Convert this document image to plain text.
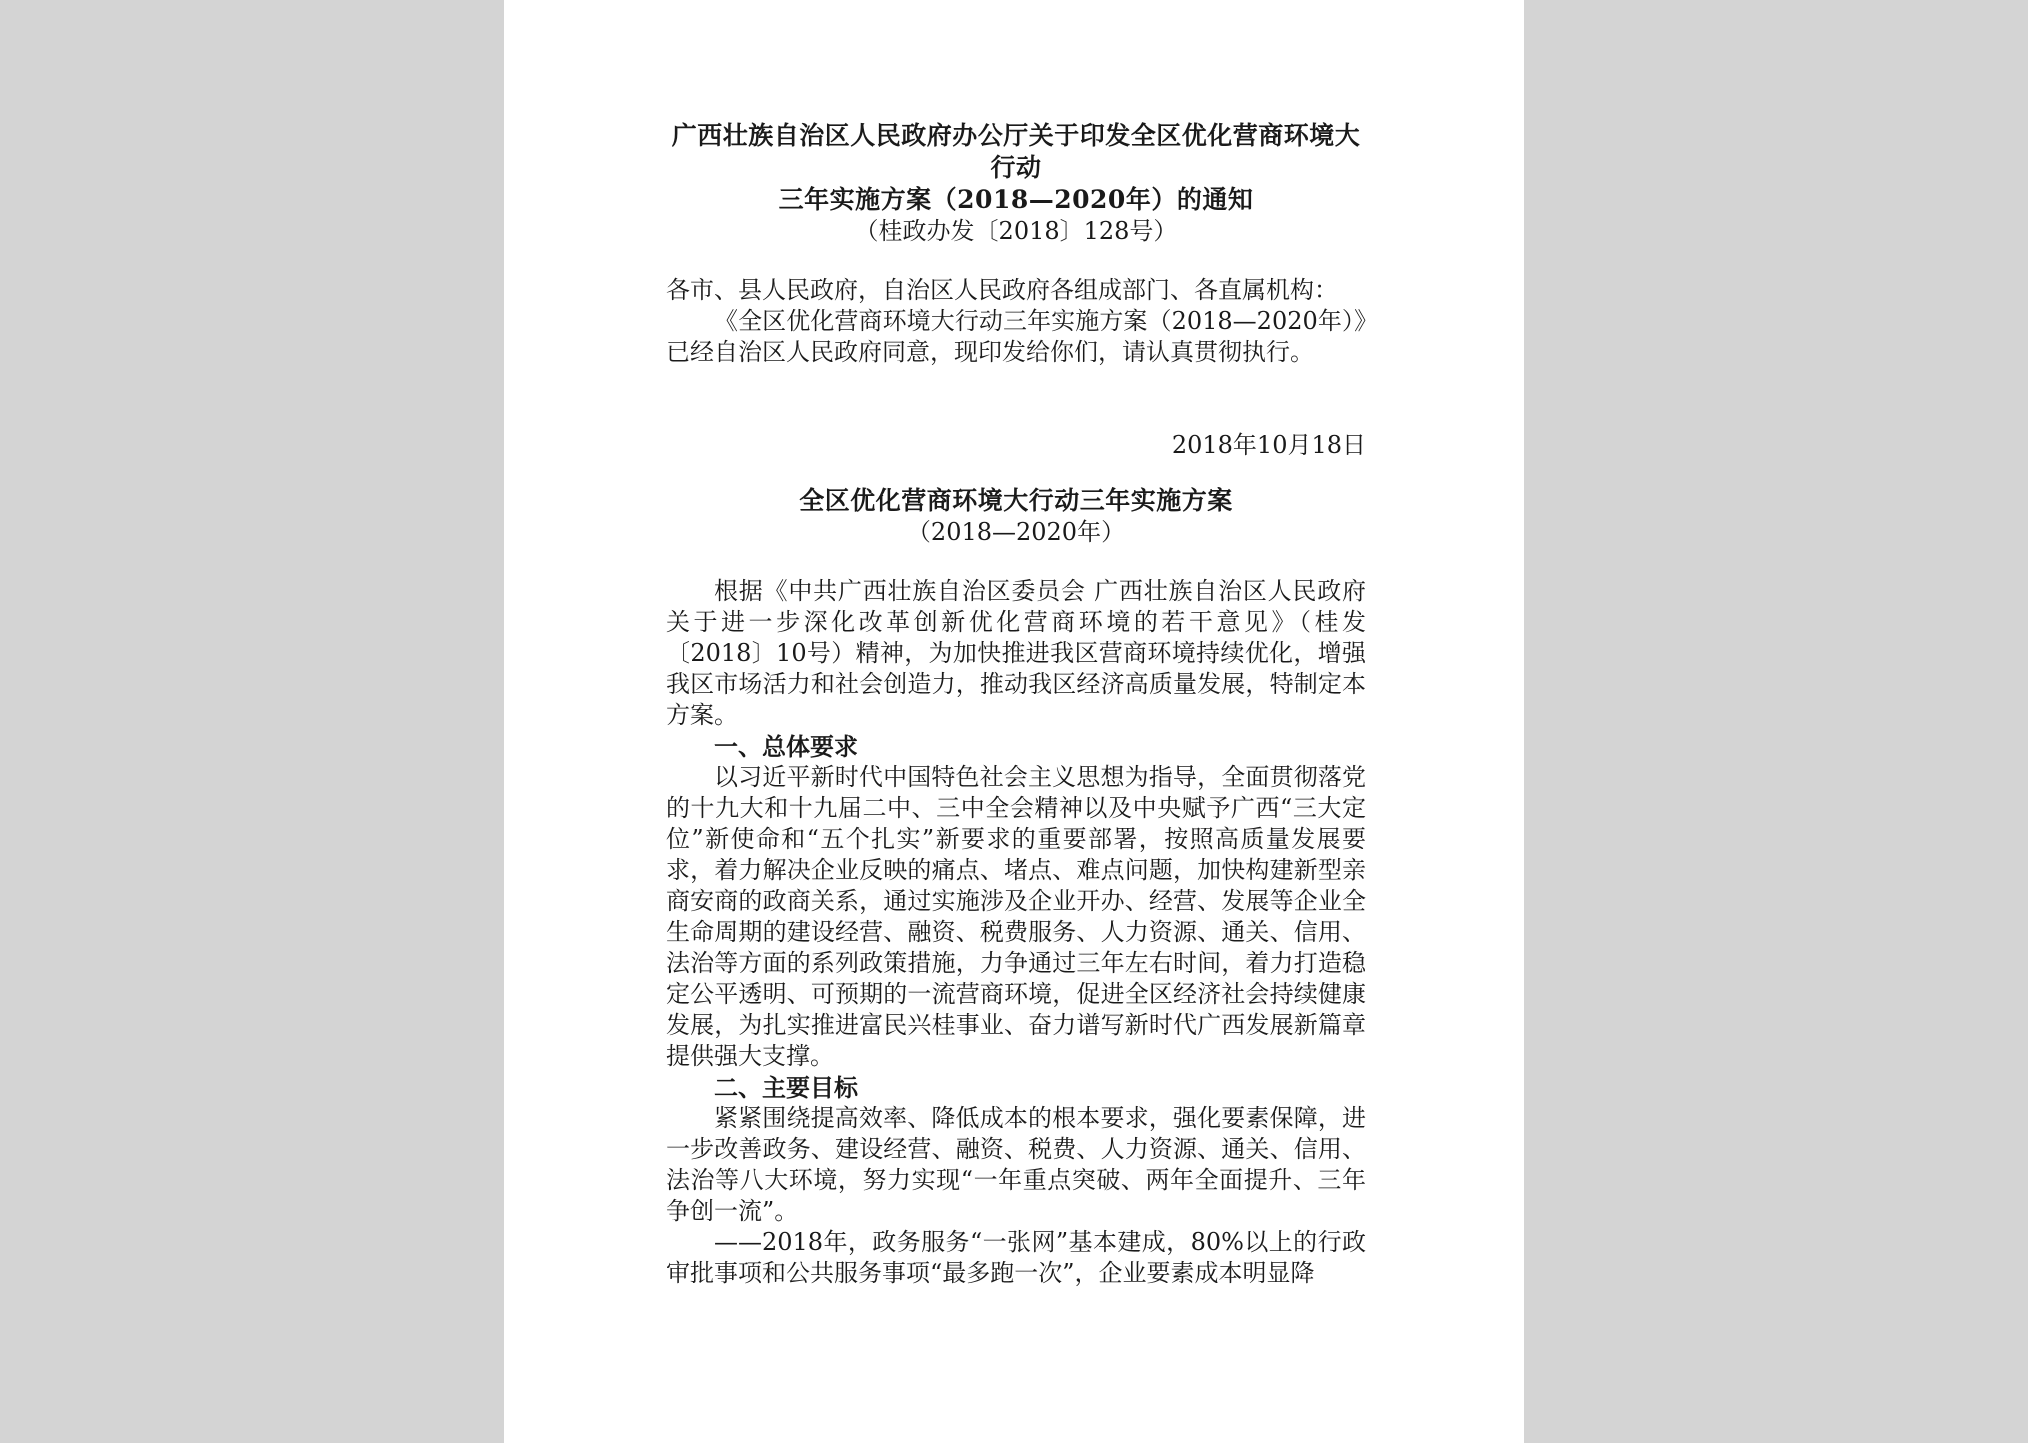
广西壮族自治区人民政府办公厅关于印发全区优化营商环境大行动
三年实施方案（2018—2020年）的通知
（桂政办发〔2018〕128号）

各市、县人民政府，自治区人民政府各组成部门、各直属机构：

《全区优化营商环境大行动三年实施方案（2018—2020年）》已经自治区人民政府同意，现印发给你们，请认真贯彻执行。

2018年10月18日
全区优化营商环境大行动三年实施方案
（2018—2020年）

根据《中共广西壮族自治区委员会 广西壮族自治区人民政府关于进一步深化改革创新优化营商环境的若干意见》（桂发〔2018〕10号）精神，为加快推进我区营商环境持续优化，增强我区市场活力和社会创造力，推动我区经济高质量发展，特制定本方案。

一、总体要求

以习近平新时代中国特色社会主义思想为指导，全面贯彻落党的十九大和十九届二中、三中全会精神以及中央赋予广西“三大定位”新使命和“五个扎实”新要求的重要部署，按照高质量发展要求，着力解决企业反映的痛点、堵点、难点问题，加快构建新型亲商安商的政商关系，通过实施涉及企业开办、经营、发展等企业全生命周期的建设经营、融资、税费服务、人力资源、通关、信用、法治等方面的系列政策措施，力争通过三年左右时间，着力打造稳定公平透明、可预期的一流营商环境，促进全区经济社会持续健康发展，为扎实推进富民兴桂事业、奋力谱写新时代广西发展新篇章提供强大支撑。

二、主要目标

紧紧围绕提高效率、降低成本的根本要求，强化要素保障，进一步改善政务、建设经营、融资、税费、人力资源、通关、信用、法治等八大环境，努力实现“一年重点突破、两年全面提升、三年争创一流”。

——2018年，政务服务“一张网”基本建成，80%以上的行政审批事项和公共服务事项“最多跑一次”，企业要素成本明显降
